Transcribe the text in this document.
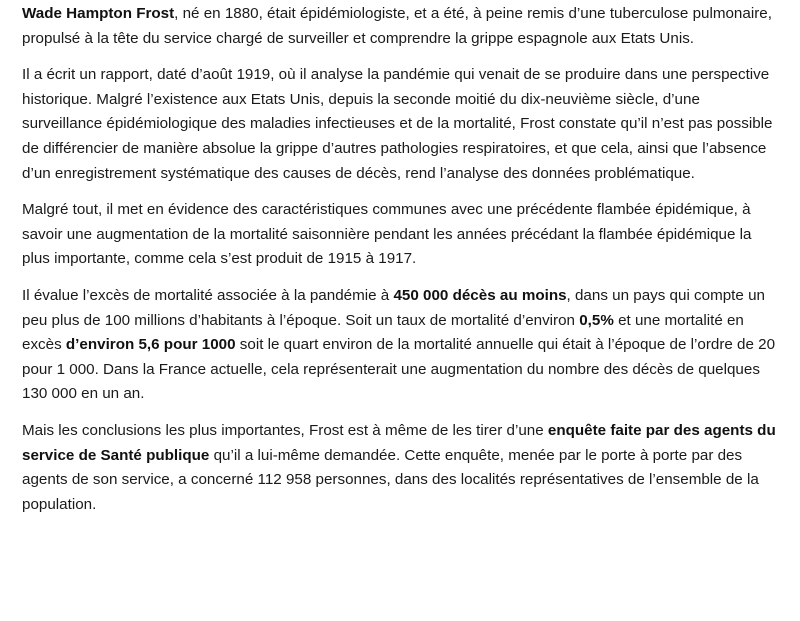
Wade Hampton Frost, né en 1880, était épidémiologiste, et a été, à peine remis d’une tuberculose pulmonaire, propulsé à la tête du service chargé de surveiller et comprendre la grippe espagnole aux Etats Unis.

Il a écrit un rapport, daté d’août 1919, où il analyse la pandémie qui venait de se produire dans une perspective historique. Malgré l’existence aux Etats Unis, depuis la seconde moitié du dix-neuvième siècle, d’une surveillance épidémiologique des maladies infectieuses et de la mortalité, Frost constate qu’il n’est pas possible de différencier de manière absolue la grippe d’autres pathologies respiratoires, et que cela, ainsi que l’absence d’un enregistrement systématique des causes de décès, rend l’analyse des données problématique.

Malgré tout, il met en évidence des caractéristiques communes avec une précédente flambée épidémique, à savoir une augmentation de la mortalité saisonnière pendant les années précédant la flambée épidémique la plus importante, comme cela s’est produit de 1915 à 1917.

Il évalue l’excès de mortalité associée à la pandémie à 450 000 décès au moins, dans un pays qui compte un peu plus de 100 millions d’habitants à l’époque. Soit un taux de mortalité d’environ 0,5% et une mortalité en excès d’environ 5,6 pour 1000 soit le quart environ de la mortalité annuelle qui était à l’époque de l’ordre de 20 pour 1 000. Dans la France actuelle, cela représenterait une augmentation du nombre des décès de quelques 130 000 en un an.

Mais les conclusions les plus importantes, Frost est à même de les tirer d’une enquête faite par des agents du service de Santé publique qu’il a lui-même demandée. Cette enquête, menée par le porte à porte par des agents de son service, a concerné 112 958 personnes, dans des localités représentatives de l’ensemble de la population.
